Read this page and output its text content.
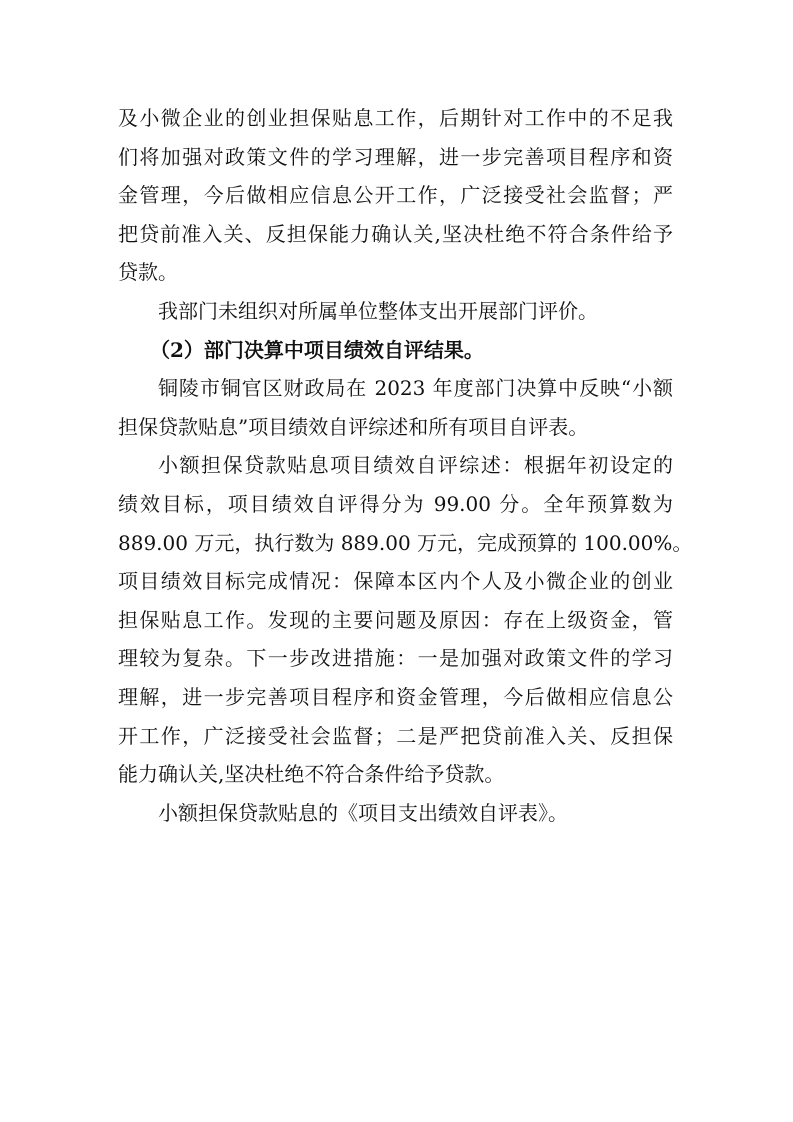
及小微企业的创业担保贴息工作，后期针对工作中的不足我
们将加强对政策文件的学习理解，进一步完善项目程序和资
金管理，今后做相应信息公开工作，广泛接受社会监督；严
把贷前准入关、反担保能力确认关,坚决杜绝不符合条件给予
贷款。
我部门未组织对所属单位整体支出开展部门评价。
（2）部门决算中项目绩效自评结果。
铜陵市铜官区财政局在 2023 年度部门决算中反映“小额
担保贷款贴息”项目绩效自评综述和所有项目自评表。
小额担保贷款贴息项目绩效自评综述：根据年初设定的
绩效目标，项目绩效自评得分为 99.00 分。全年预算数为
889.00 万元，执行数为 889.00 万元，完成预算的 100.00%。
项目绩效目标完成情况：保障本区内个人及小微企业的创业
担保贴息工作。发现的主要问题及原因：存在上级资金，管
理较为复杂。下一步改进措施：一是加强对政策文件的学习
理解，进一步完善项目程序和资金管理，今后做相应信息公
开工作，广泛接受社会监督；二是严把贷前准入关、反担保
能力确认关,坚决杜绝不符合条件给予贷款。
小额担保贷款贴息的《项目支出绩效自评表》。
